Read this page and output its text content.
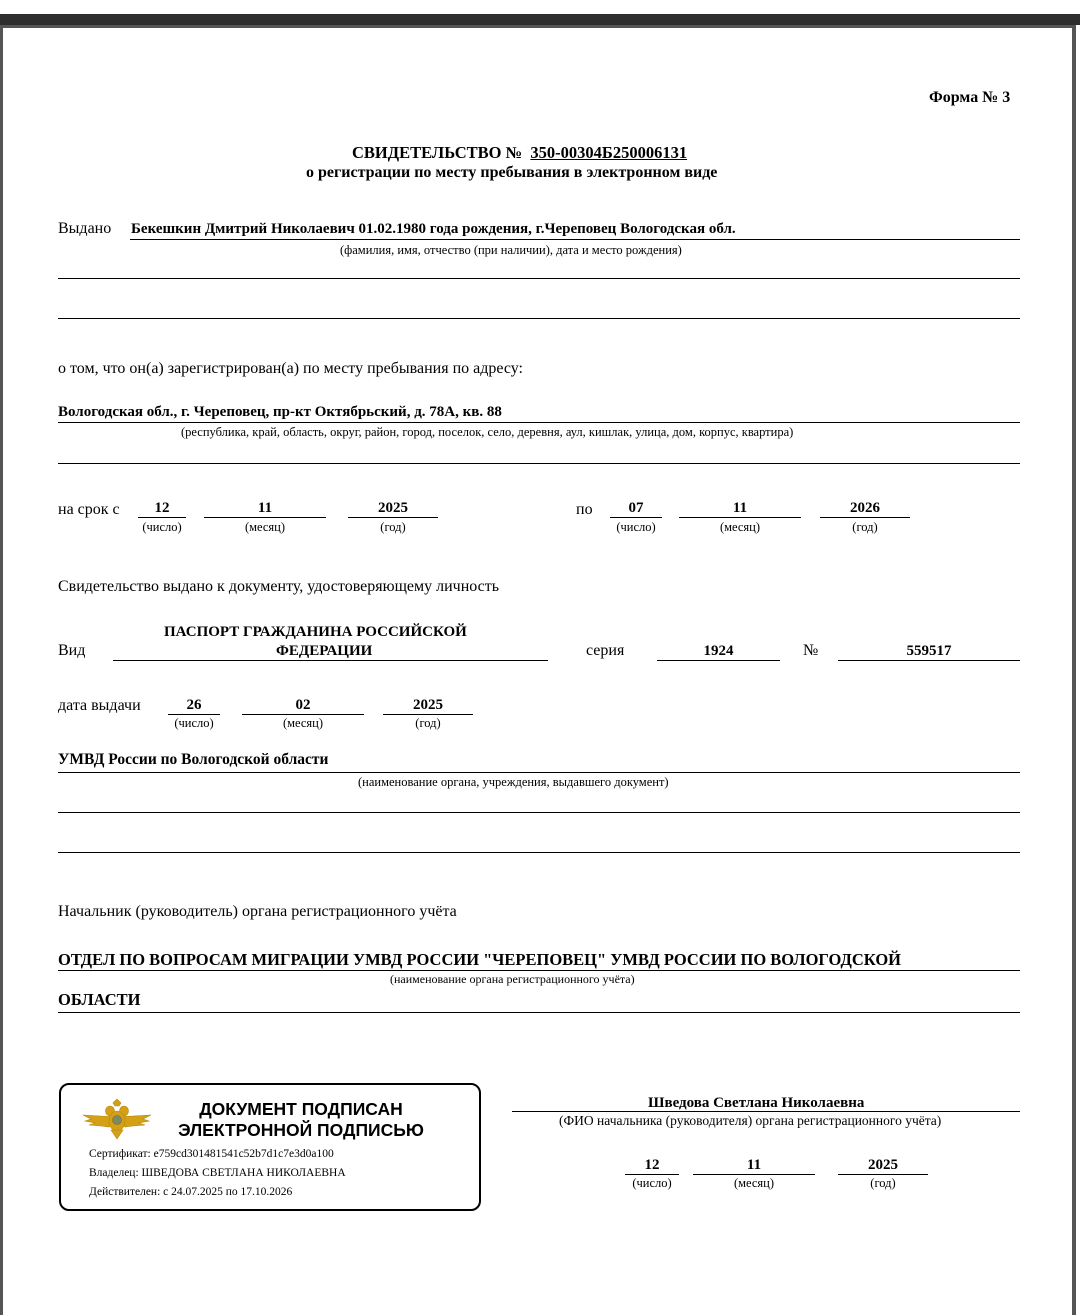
Форма № 3
СВИДЕТЕЛЬСТВО № 350-00304Б250006131
о регистрации по месту пребывания в электронном виде
Выдано Бекешкин Дмитрий Николаевич 01.02.1980 года рождения, г.Череповец Вологодская обл.
(фамилия, имя, отчество (при наличии), дата и место рождения)
о том, что он(а) зарегистрирован(а) по месту пребывания по адресу:
Вологодская обл., г. Череповец, пр-кт Октябрьский, д. 78А, кв. 88
(республика, край, область, округ, район, город, поселок, село, деревня, аул, кишлак, улица, дом, корпус, квартира)
на срок с	12
(число)
11
(месяц)
2025
(год)
по	07
(число)
11
(месяц)
2026
(год)
Свидетельство выдано к документу, удостоверяющему личность
Вид
ПАСПОРТ ГРАЖДАНИНА РОССИЙСКОЙ
ФЕДЕРАЦИИ	серия	1924	№	559517
дата выдачи	26
(число)
02
(месяц)
2025
(год)
УМВД России по Вологодской области
(наименование органа, учреждения, выдавшего документ)
Начальник (руководитель) органа регистрационного учёта
ОТДЕЛ ПО ВОПРОСАМ МИГРАЦИИ УМВД РОССИИ "ЧЕРЕПОВЕЦ" УМВД РОССИИ ПО ВОЛОГОДСКОЙ
(наименование органа регистрационного учёта)
ОБЛАСТИ
ДОКУМЕНТ ПОДПИСАН
ЭЛЕКТРОННОЙ ПОДПИСЬЮ
Сертификат: e759cd301481541c52b7d1c7e3d0a100
Владелец: ШВЕДОВА СВЕТЛАНА НИКОЛАЕВНА
Действителен: с 24.07.2025 по 17.10.2026
Шведова Светлана Николаевна
(ФИО начальника (руководителя) органа регистрационного учёта)
12
(число)
11
(месяц)
2025
(год)
